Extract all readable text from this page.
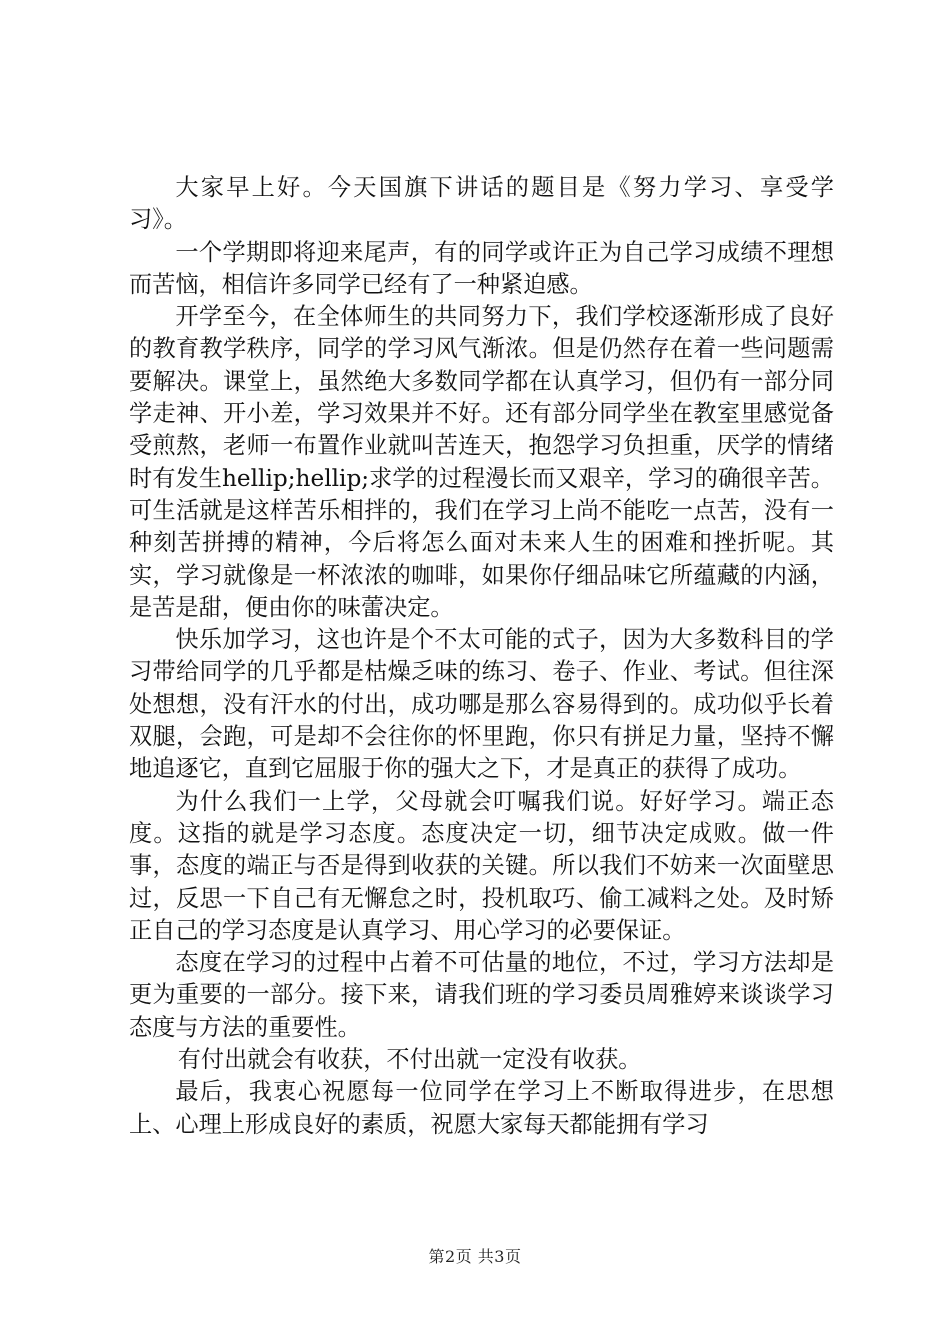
大家早上好。今天国旗下讲话的题目是《努力学习、享受学习》。

一个学期即将迎来尾声，有的同学或许正为自己学习成绩不理想而苦恼，相信许多同学已经有了一种紧迫感。

开学至今，在全体师生的共同努力下，我们学校逐渐形成了良好的教育教学秩序，同学的学习风气渐浓。但是仍然存在着一些问题需要解决。课堂上，虽然绝大多数同学都在认真学习，但仍有一部分同学走神、开小差，学习效果并不好。还有部分同学坐在教室里感觉备受煎熬，老师一布置作业就叫苦连天，抱怨学习负担重，厌学的情绪时有发生hellip;hellip;求学的过程漫长而又艰辛，学习的确很辛苦。可生活就是这样苦乐相拌的，我们在学习上尚不能吃一点苦，没有一种刻苦拼搏的精神，今后将怎么面对未来人生的困难和挫折呢。其实，学习就像是一杯浓浓的咖啡，如果你仔细品味它所蕴藏的内涵，是苦是甜，便由你的味蕾决定。

快乐加学习，这也许是个不太可能的式子，因为大多数科目的学习带给同学的几乎都是枯燥乏味的练习、卷子、作业、考试。但往深处想想，没有汗水的付出，成功哪是那么容易得到的。成功似乎长着双腿，会跑，可是却不会往你的怀里跑，你只有拼足力量，坚持不懈地追逐它，直到它屈服于你的强大之下，才是真正的获得了成功。

为什么我们一上学，父母就会叮嘱我们说。好好学习。端正态度。这指的就是学习态度。态度决定一切，细节决定成败。做一件事，态度的端正与否是得到收获的关键。所以我们不妨来一次面壁思过，反思一下自己有无懈怠之时，投机取巧、偷工减料之处。及时矫正自己的学习态度是认真学习、用心学习的必要保证。

态度在学习的过程中占着不可估量的地位，不过，学习方法却是更为重要的一部分。接下来，请我们班的学习委员周雅婷来谈谈学习态度与方法的重要性。

有付出就会有收获，不付出就一定没有收获。

最后，我衷心祝愿每一位同学在学习上不断取得进步，在思想上、心理上形成良好的素质，祝愿大家每天都能拥有学习

第2页 共3页
